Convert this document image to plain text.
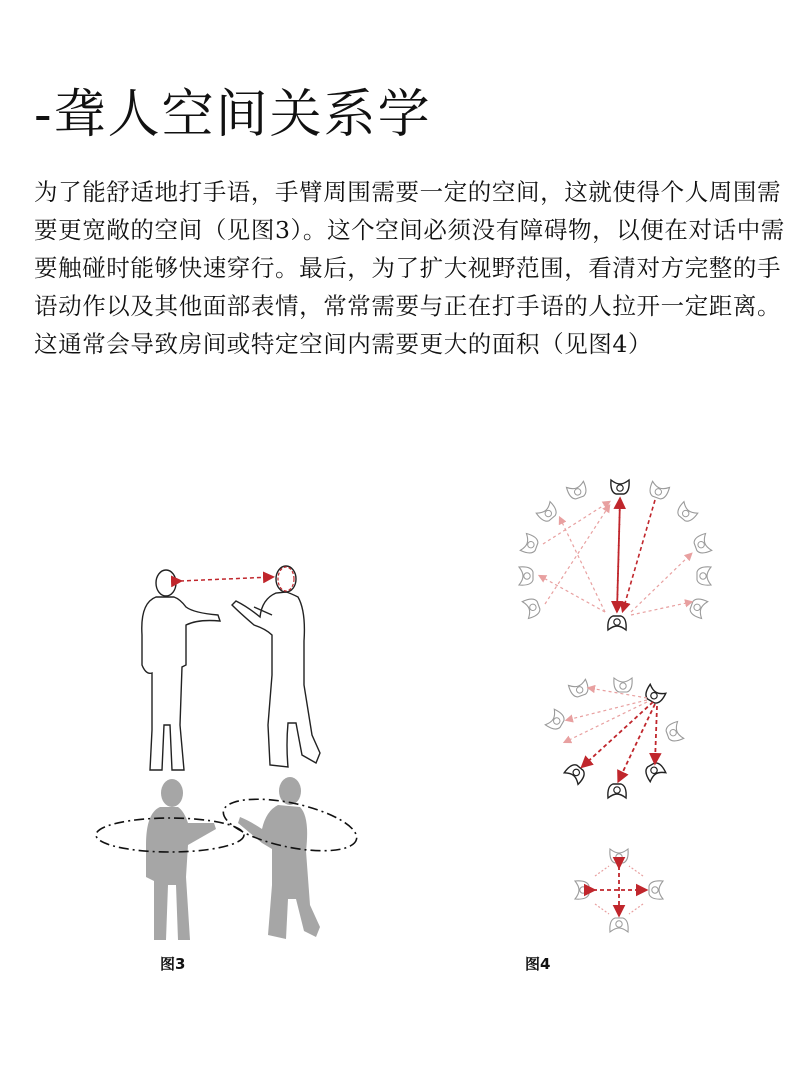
-聋人空间关系学

为了能舒适地打手语，手臂周围需要一定的空间，这就使得个人周围需要更宽敞的空间（见图3）。这个空间必须没有障碍物，以便在对话中需要触碰时能够快速穿行。最后，为了扩大视野范围，看清对方完整的手语动作以及其他面部表情，常常需要与正在打手语的人拉开一定距离。这通常会导致房间或特定空间内需要更大的面积（见图4）

图3	图4
